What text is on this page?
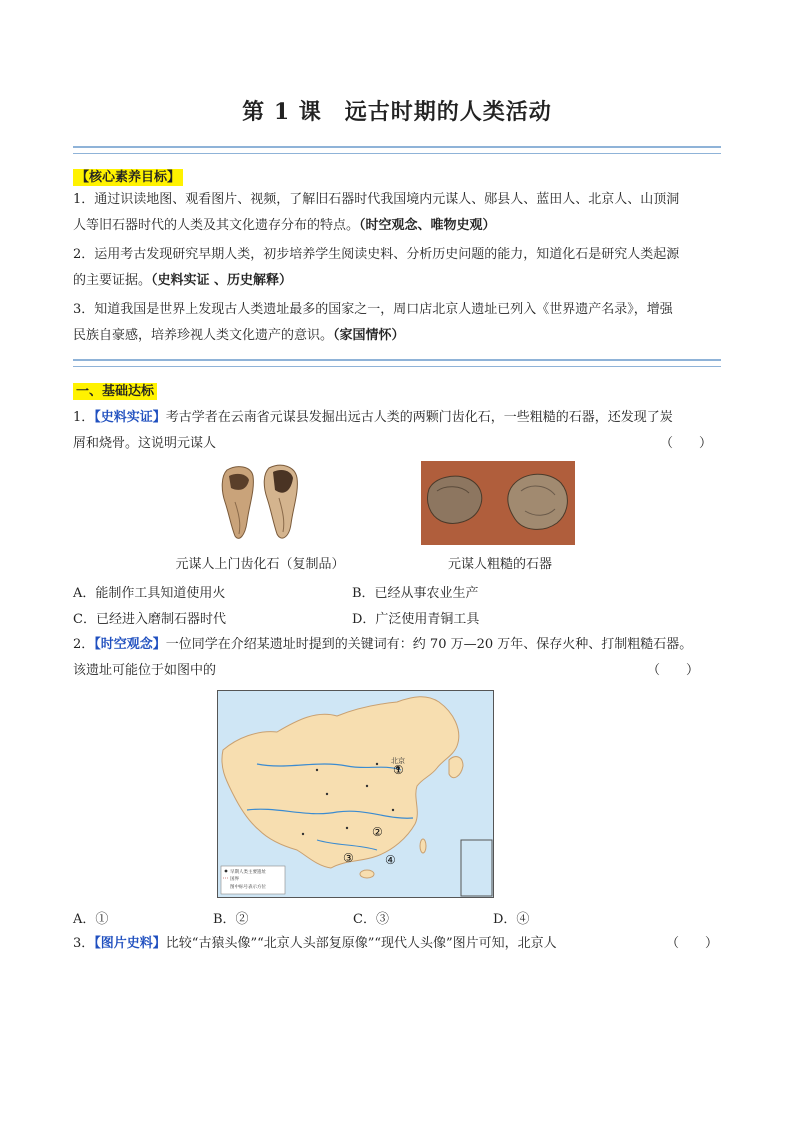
第 1 课　远古时期的人类活动
【核心素养目标】
1．通过识读地图、观看图片、视频，了解旧石器时代我国境内元谋人、郧县人、蓝田人、北京人、山顶洞
人等旧石器时代的人类及其文化遗存分布的特点。（时空观念、唯物史观）
2．运用考古发现研究早期人类，初步培养学生阅读史料、分析历史问题的能力，知道化石是研究人类起源
的主要证据。（史料实证 、历史解释）
3．知道我国是世界上发现古人类遗址最多的国家之一，周口店北京人遗址已列入《世界遗产名录》，增强
民族自豪感，培养珍视人类文化遗产的意识。（家国情怀）
一、基础达标
1．【史料实证】考古学者在云南省元谋县发掘出远古人类的两颗门齿化石，一些粗糙的石器，还发现了炭
屑和烧骨。这说明元谋人	（　　）
元谋人上门齿化石（复制品）	元谋人粗糙的石器
A．能制作工具知道使用火	B．已经从事农业生产
C．已经进入磨制石器时代	D．广泛使用青铜工具
2．【时空观念】一位同学在介绍某遗址时提到的关键词有：约 70 万—20 万年、保存火种、打制粗糙石器。
该遗址可能位于如图中的	（　　）
早期人类主要遗址
国界
图中标号表示方位
北京
①
②
③	④
A．①	B．②	C．③	D．④
3．【图片史料】比较“古猿头像”“北京人头部复原像”“现代人头像”图片可知，北京人	（　　）
